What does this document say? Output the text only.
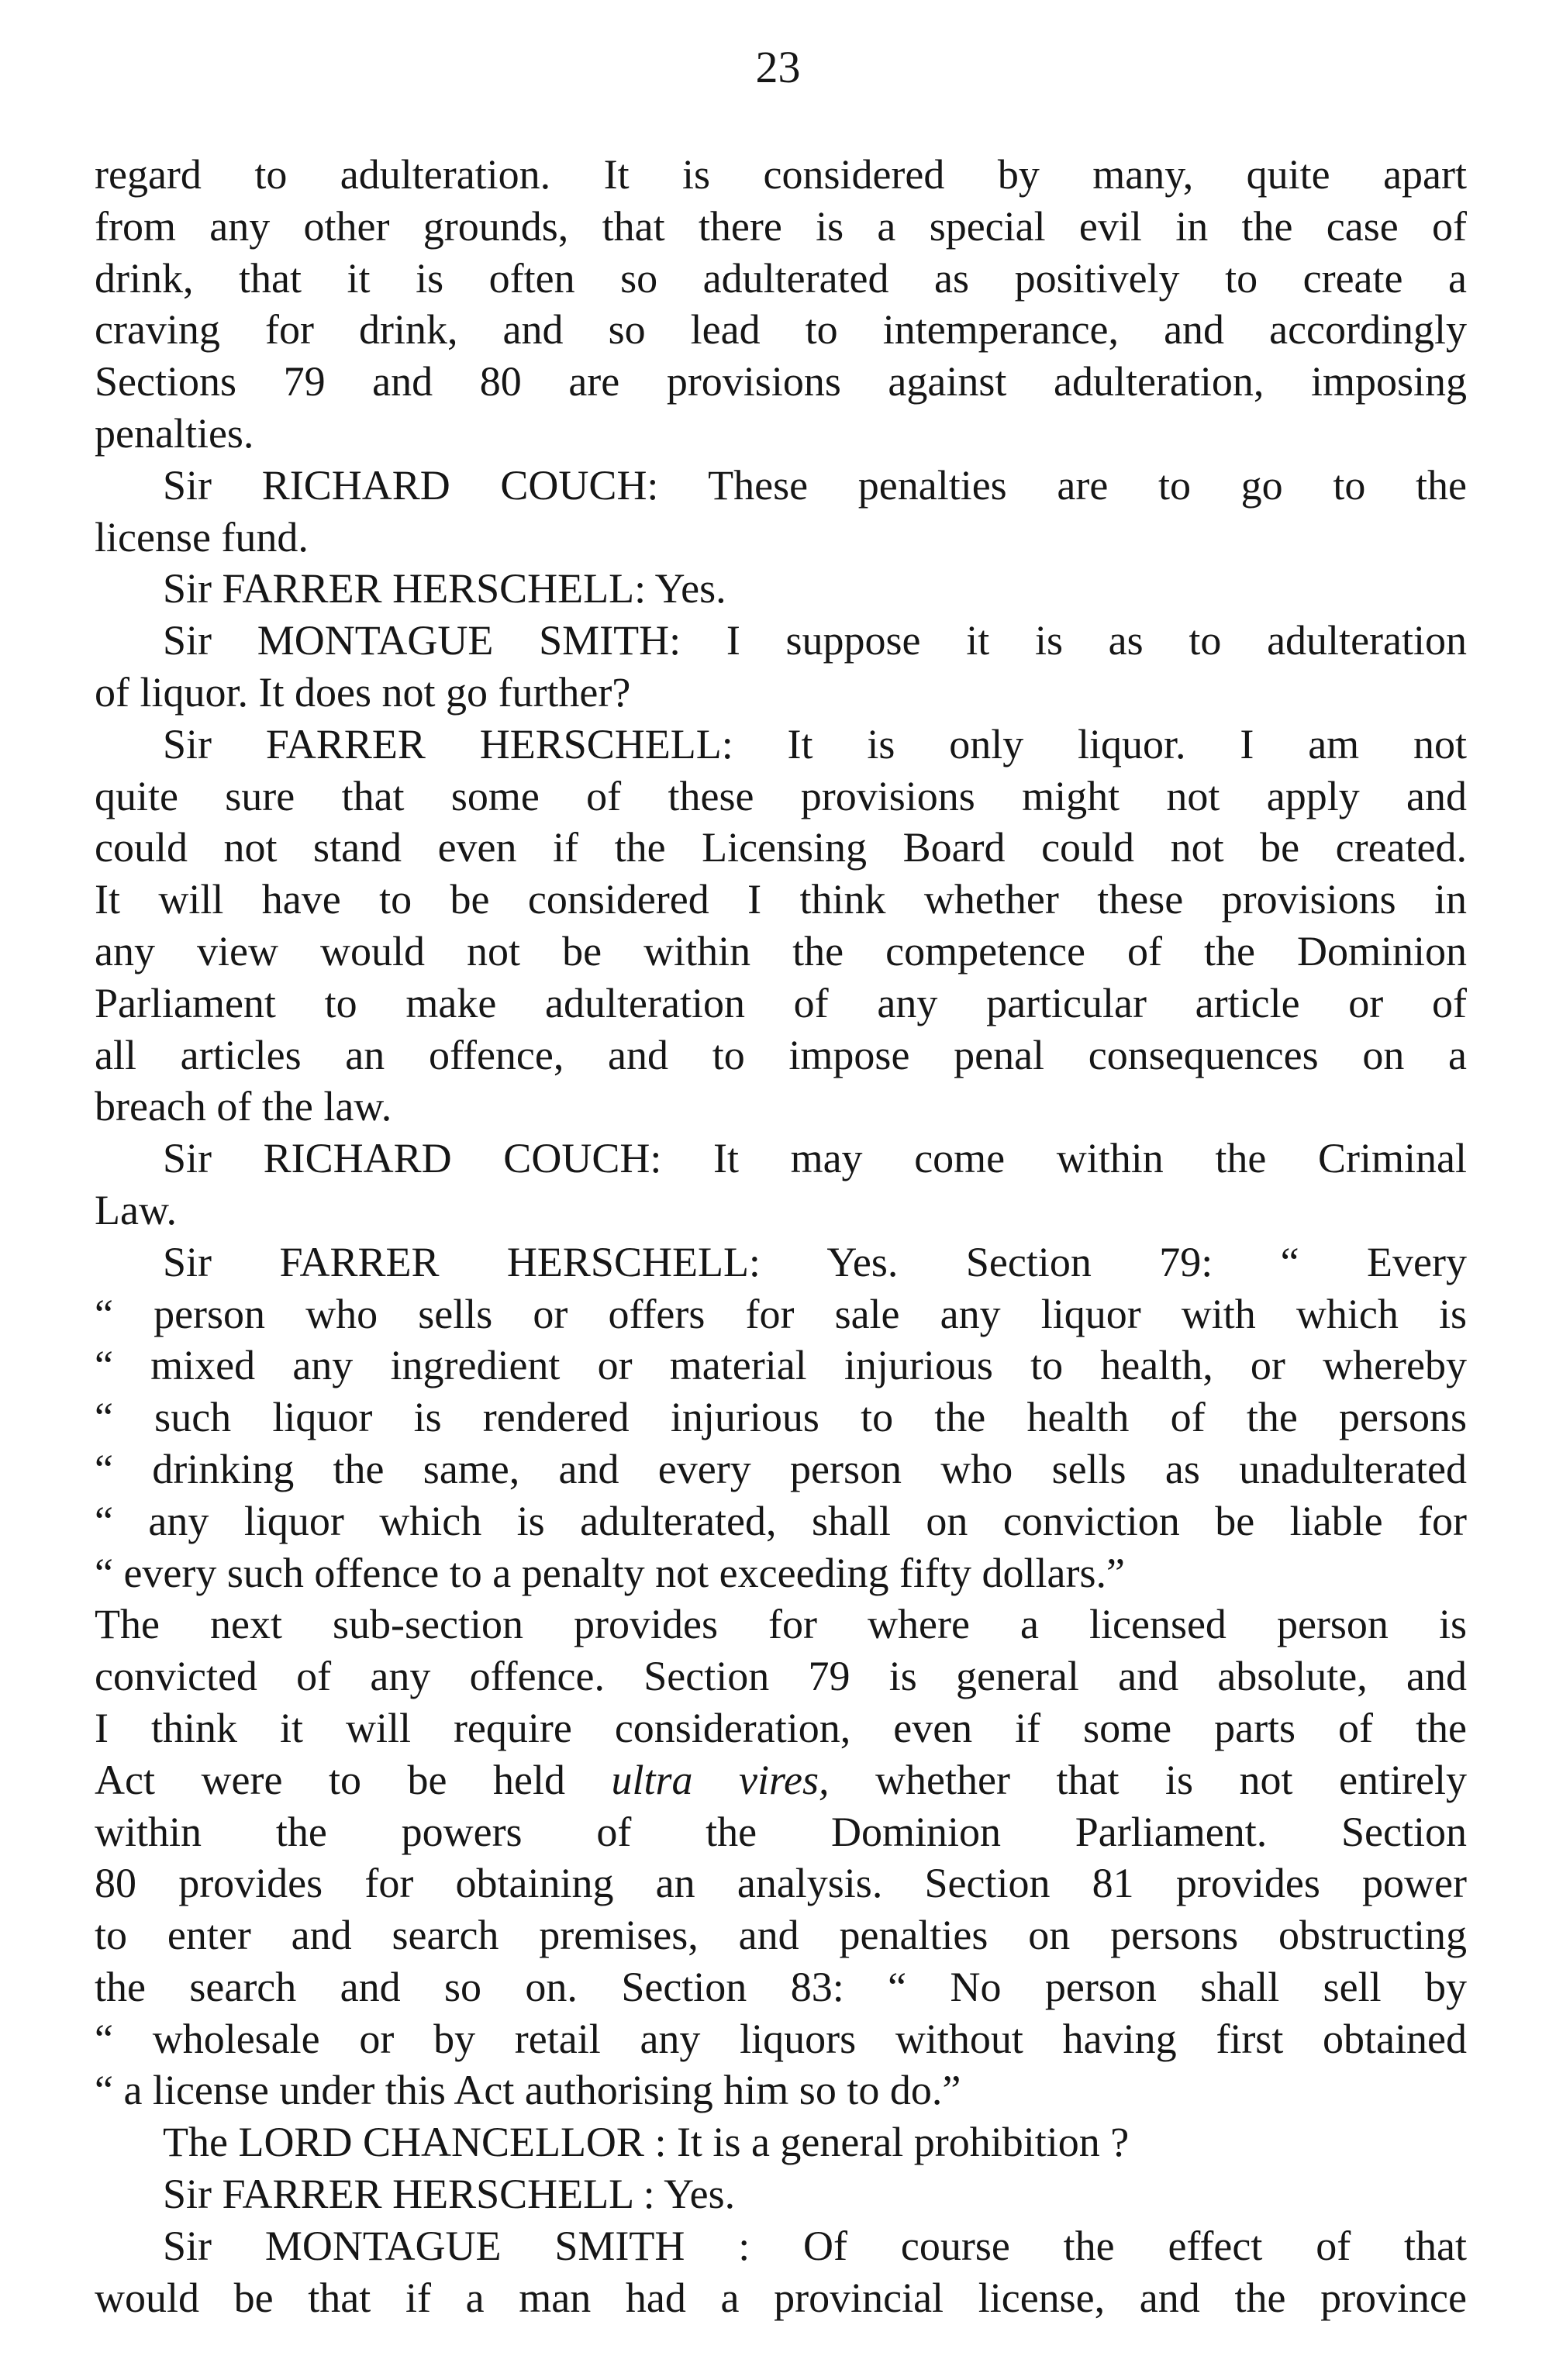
23
regard to adulteration. It is considered by many, quite apart
from any other grounds, that there is a special evil in the case of
drink, that it is often so adulterated as positively to create a
craving for drink, and so lead to intemperance, and accordingly
Sections 79 and 80 are provisions against adulteration, imposing
penalties.
Sir RICHARD COUCH: These penalties are to go to the
license fund.
Sir FARRER HERSCHELL: Yes.
Sir MONTAGUE SMITH: I suppose it is as to adulteration
of liquor. It does not go further?
Sir FARRER HERSCHELL: It is only liquor. I am not
quite sure that some of these provisions might not apply and
could not stand even if the Licensing Board could not be created.
It will have to be considered I think whether these provisions in
any view would not be within the competence of the Dominion
Parliament to make adulteration of any particular article or of
all articles an offence, and to impose penal consequences on a
breach of the law.
Sir RICHARD COUCH: It may come within the Criminal
Law.
Sir FARRER HERSCHELL: Yes. Section 79: “ Every
“ person who sells or offers for sale any liquor with which is
“ mixed any ingredient or material injurious to health, or whereby
“ such liquor is rendered injurious to the health of the persons
“ drinking the same, and every person who sells as unadulterated
“ any liquor which is adulterated, shall on conviction be liable for
“ every such offence to a penalty not exceeding fifty dollars.”
The next sub-section provides for where a licensed person is
convicted of any offence. Section 79 is general and absolute, and
I think it will require consideration, even if some parts of the
Act were to be held ultra vires, whether that is not entirely
within the powers of the Dominion Parliament. Section
80 provides for obtaining an analysis. Section 81 provides power
to enter and search premises, and penalties on persons obstructing
the search and so on. Section 83: “ No person shall sell by
“ wholesale or by retail any liquors without having first obtained
“ a license under this Act authorising him so to do.”
The LORD CHANCELLOR : It is a general prohibition ?
Sir FARRER HERSCHELL : Yes.
Sir MONTAGUE SMITH : Of course the effect of that
would be that if a man had a provincial license, and the province
